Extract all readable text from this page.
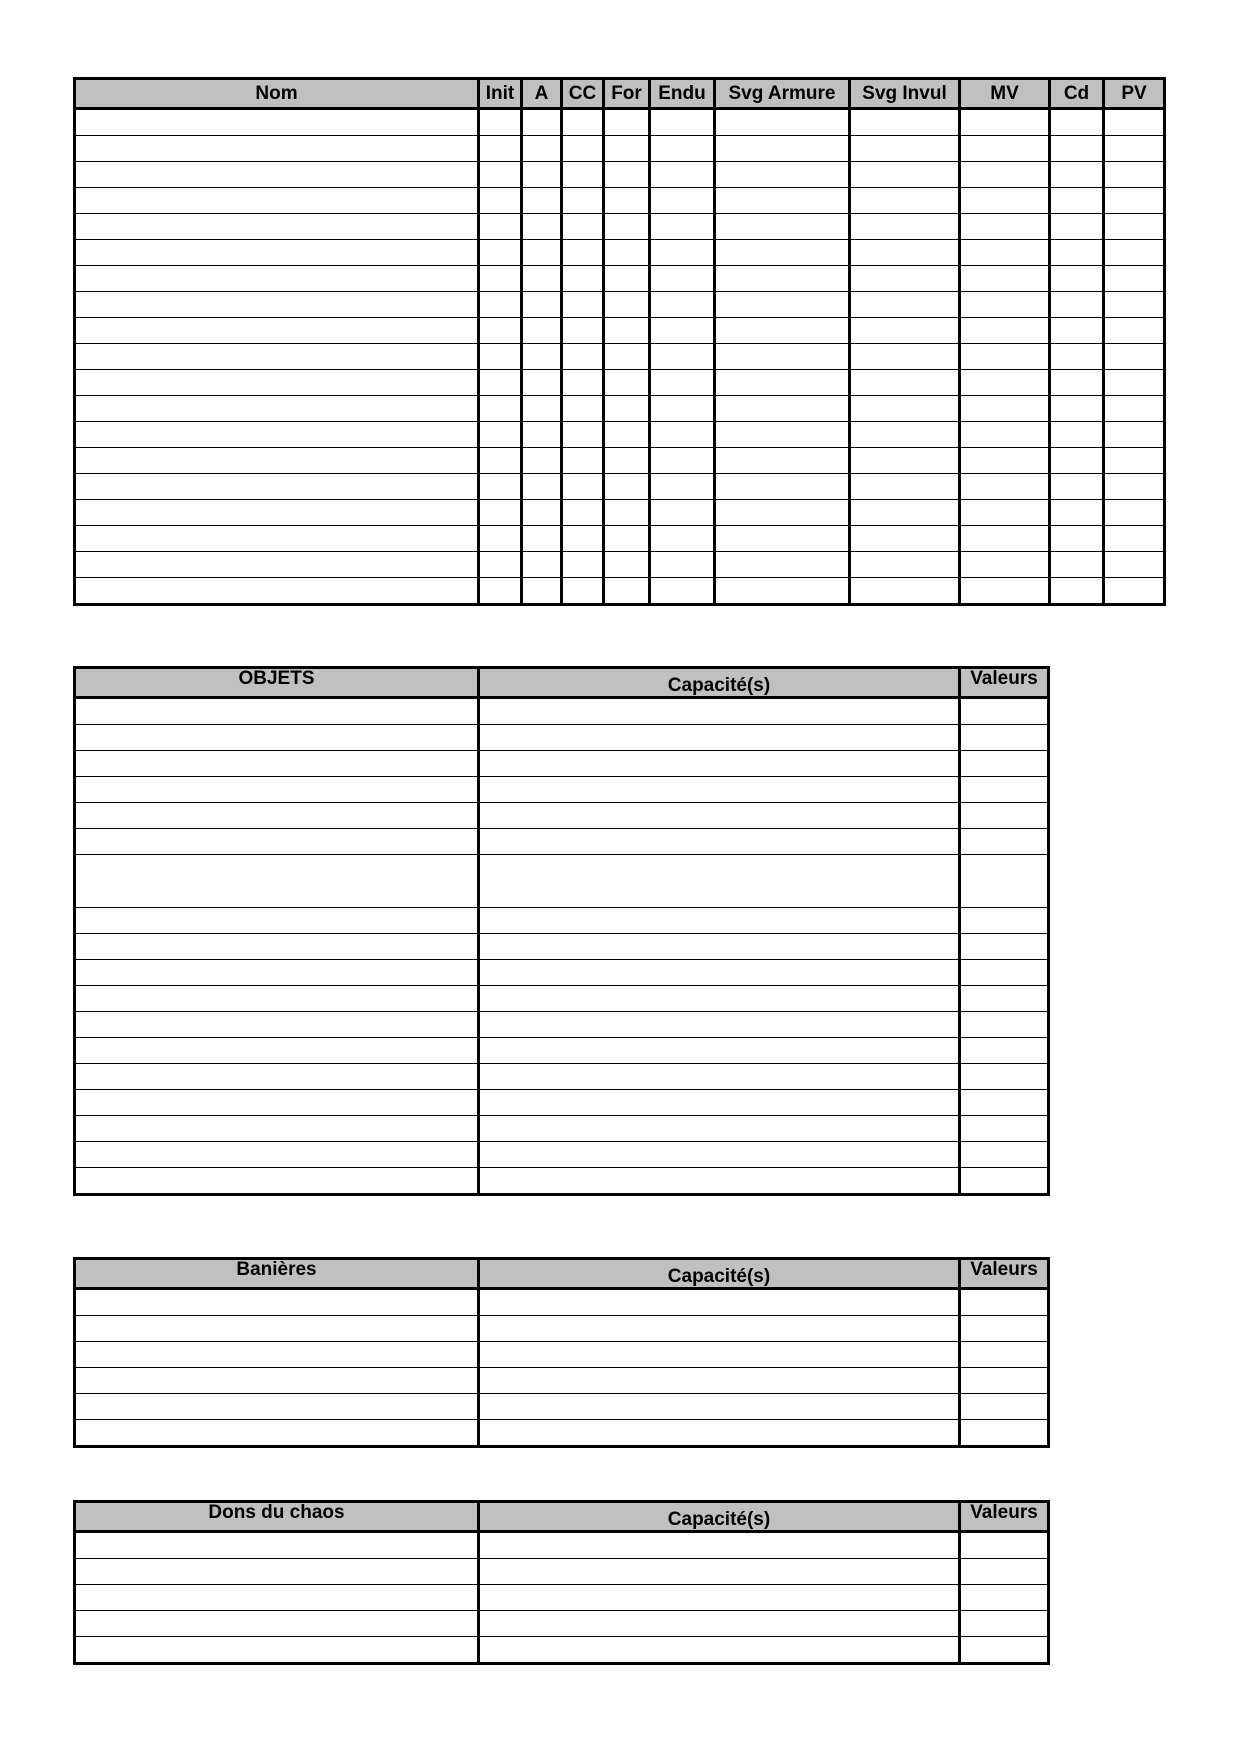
Nom	Init	A	CC	For	Endu	Svg Armure	Svg Invul	MV	Cd	PV

OBJETS	Capacité(s)	Valeurs

Banières	Capacité(s)	Valeurs

Dons du chaos	Capacité(s)	Valeurs
